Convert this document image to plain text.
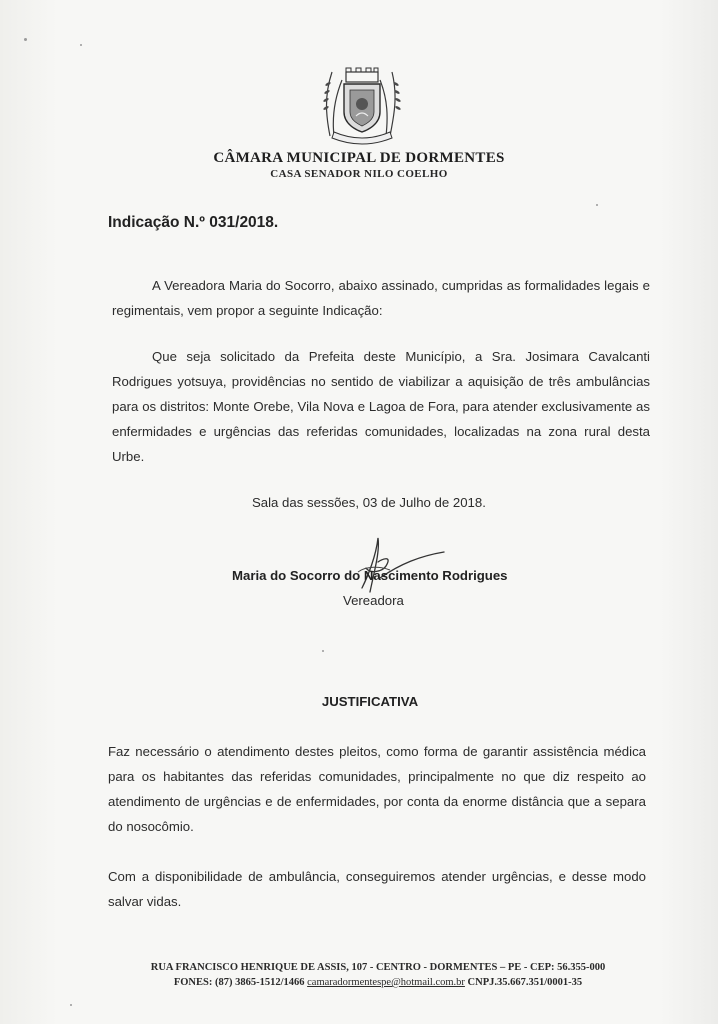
CÂMARA MUNICIPAL DE DORMENTES
CASA SENADOR NILO COELHO
Indicação N.º 031/2018.
A Vereadora Maria do Socorro, abaixo assinado, cumpridas as formalidades legais e regimentais, vem propor a seguinte Indicação:
Que seja solicitado da Prefeita deste Município, a Sra. Josimara Cavalcanti Rodrigues yotsuya, providências no sentido de viabilizar a aquisição de três ambulâncias para os distritos: Monte Orebe, Vila Nova e Lagoa de Fora, para atender exclusivamente as enfermidades e urgências das referidas comunidades, localizadas na zona rural desta Urbe.
Sala das sessões, 03 de Julho de 2018.
Maria do Socorro do Nascimento Rodrigues
Vereadora
JUSTIFICATIVA
Faz necessário o atendimento destes pleitos, como forma de garantir assistência médica para os habitantes das referidas comunidades, principalmente no que diz respeito ao atendimento de urgências e de enfermidades, por conta da enorme distância que a separa do nosocômio.
Com a disponibilidade de ambulância, conseguiremos atender urgências, e desse modo salvar vidas.
RUA FRANCISCO HENRIQUE DE ASSIS, 107 - CENTRO - DORMENTES – PE - CEP: 56.355-000
FONES: (87) 3865-1512/1466 camaradormentespe@hotmail.com.br CNPJ.35.667.351/0001-35
